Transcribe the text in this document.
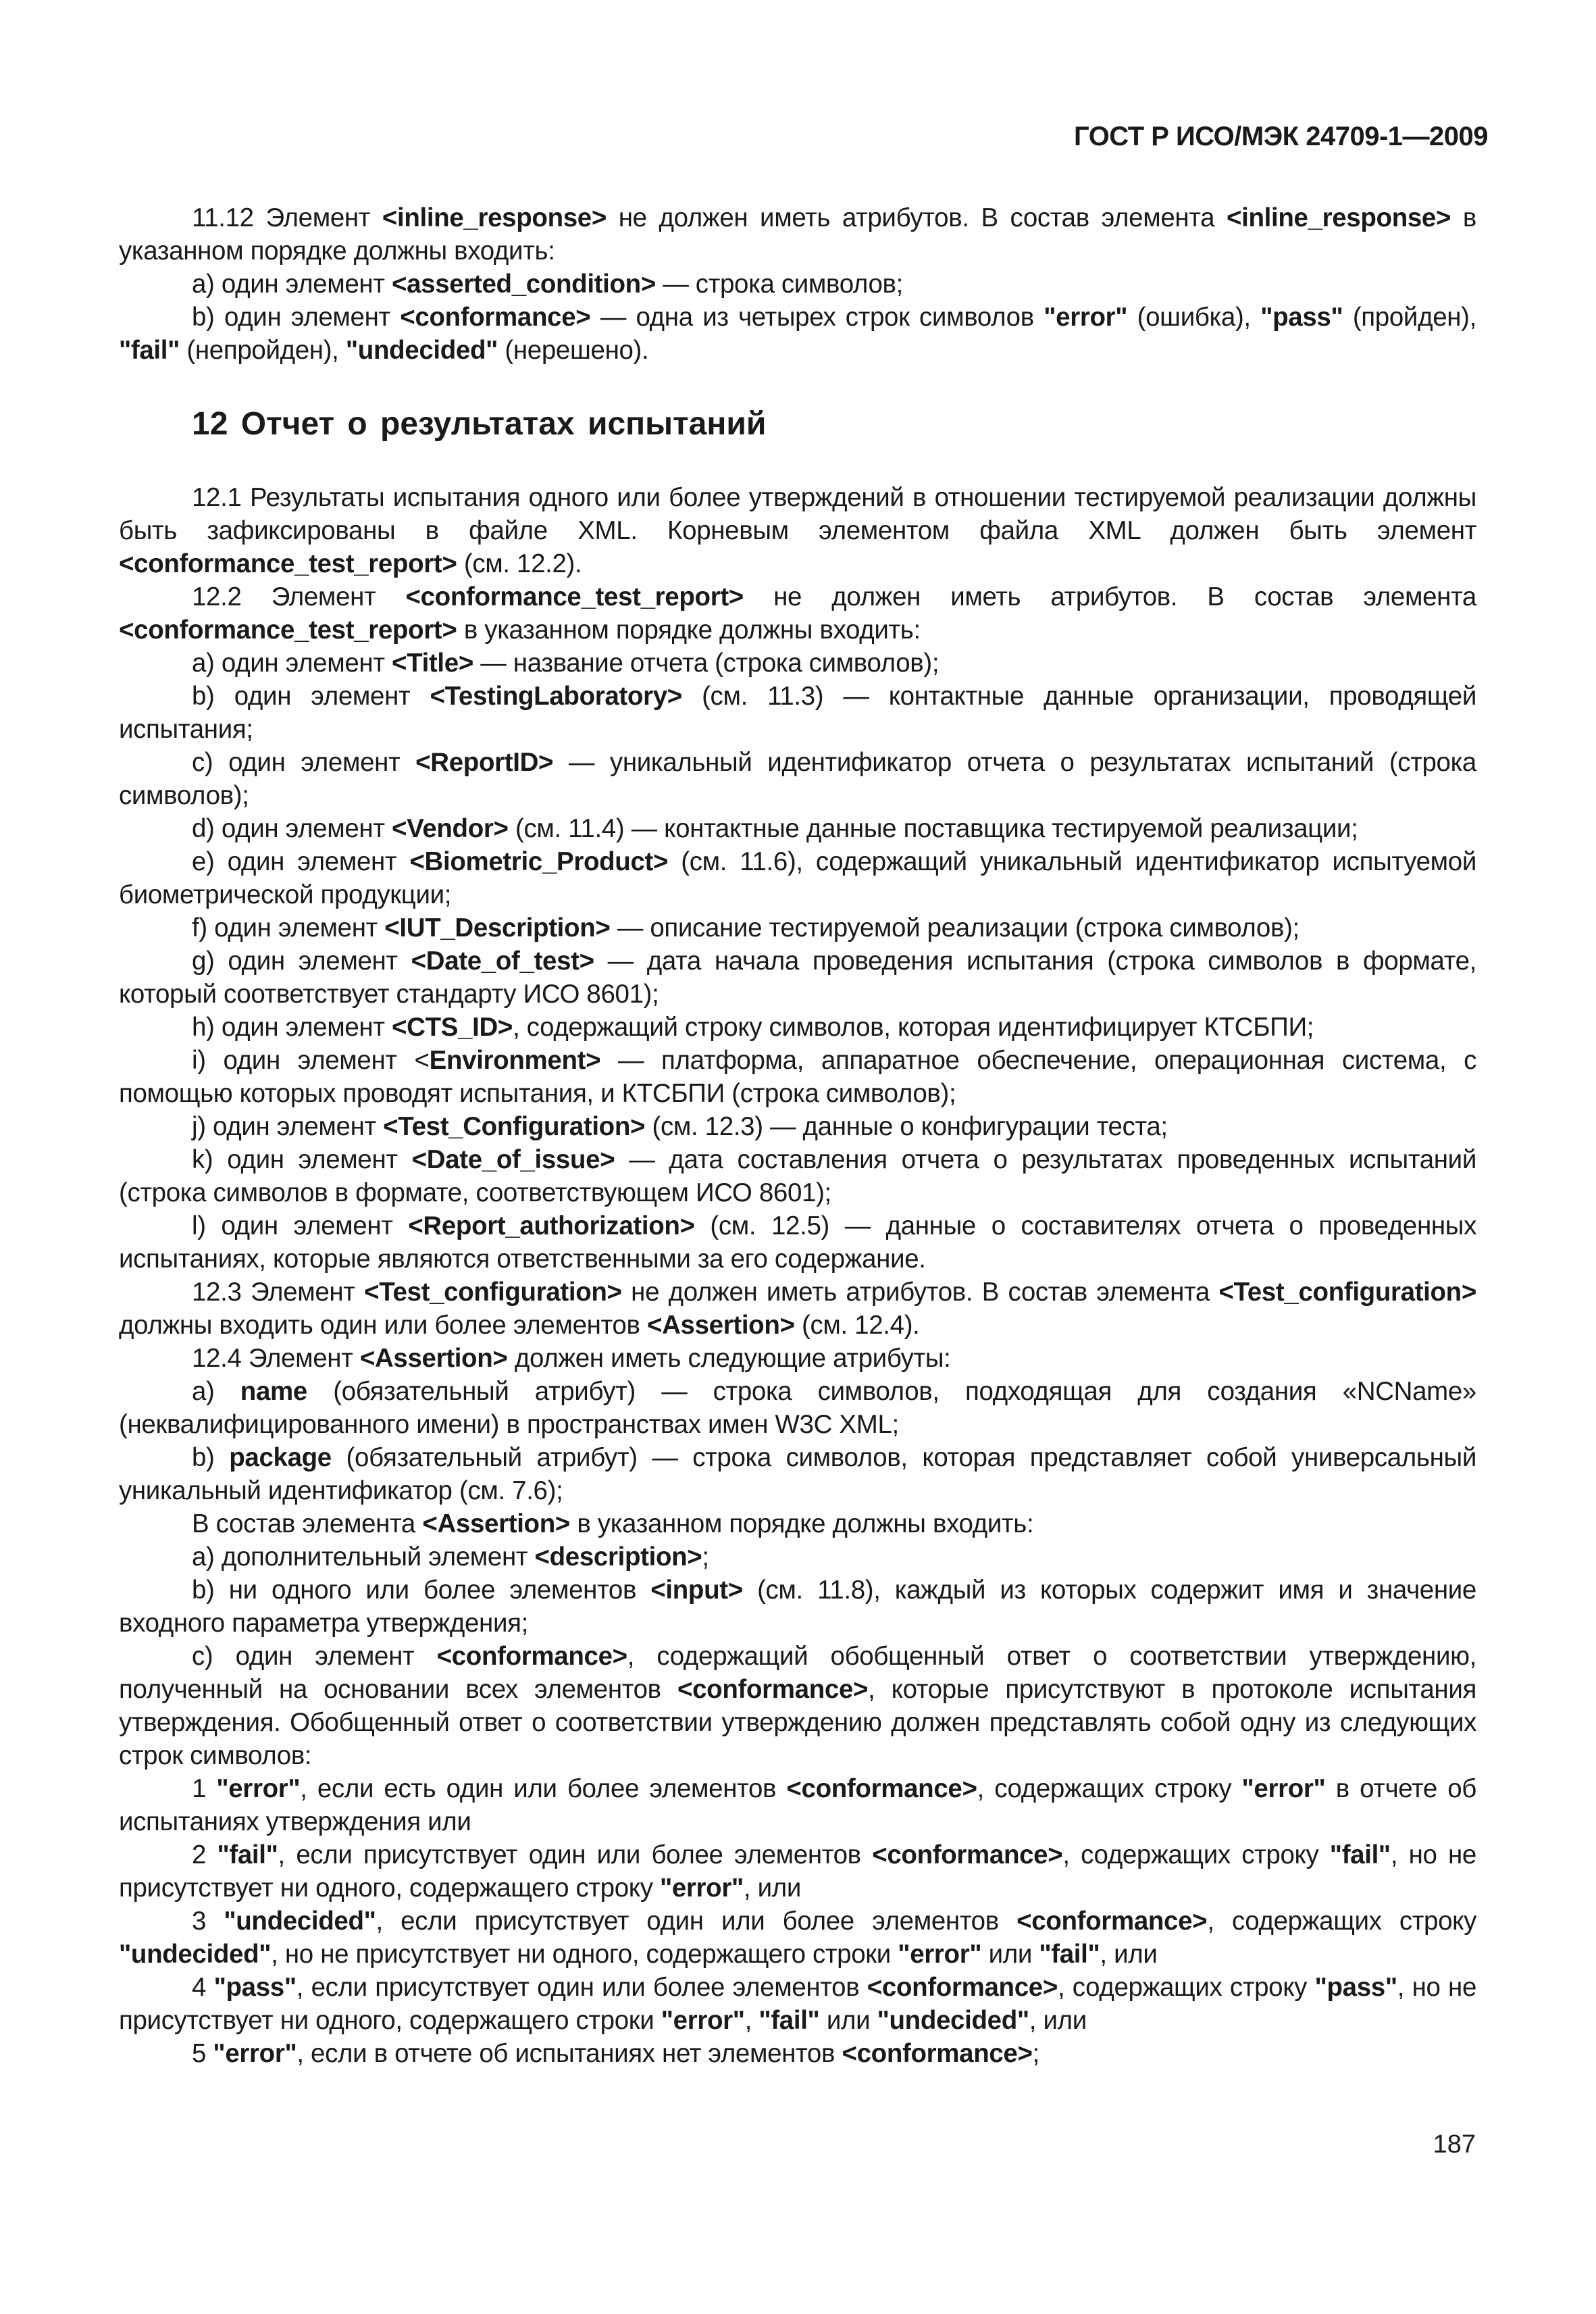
ГОСТ Р ИСО/МЭК 24709-1—2009

11.12 Элемент <inline_response> не должен иметь атрибутов. В состав элемента <inline_response> в указанном порядке должны входить:

a) один элемент <asserted_condition> — строка символов;

b) один элемент <conformance> — одна из четырех строк символов "error" (ошибка), "pass" (пройден), "fail" (непройден), "undecided" (нерешено).

12 Отчет о результатах испытаний

12.1 Результаты испытания одного или более утверждений в отношении тестируемой реализации должны быть зафиксированы в файле XML. Корневым элементом файла XML должен быть элемент <conformance_test_report> (см. 12.2).

12.2 Элемент <conformance_test_report> не должен иметь атрибутов. В состав элемента <conformance_test_report> в указанном порядке должны входить:

a) один элемент <Title> — название отчета (строка символов);

b) один элемент <TestingLaboratory> (см. 11.3) — контактные данные организации, проводящей испытания;

c) один элемент <ReportID> — уникальный идентификатор отчета о результатах испытаний (строка символов);

d) один элемент <Vendor> (см. 11.4) — контактные данные поставщика тестируемой реализации;

e) один элемент <Biometric_Product> (см. 11.6), содержащий уникальный идентификатор испытуемой биометрической продукции;

f) один элемент <IUT_Description> — описание тестируемой реализации (строка символов);

g) один элемент <Date_of_test> — дата начала проведения испытания (строка символов в формате, который соответствует стандарту ИСО 8601);

h) один элемент <CTS_ID>, содержащий строку символов, которая идентифицирует КТСБПИ;

i) один элемент <Environment> — платформа, аппаратное обеспечение, операционная система, с помощью которых проводят испытания, и КТСБПИ (строка символов);

j) один элемент <Test_Configuration> (см. 12.3) — данные о конфигурации теста;

k) один элемент <Date_of_issue> — дата составления отчета о результатах проведенных испытаний (строка символов в формате, соответствующем ИСО 8601);

l) один элемент <Report_authorization> (см. 12.5) — данные о составителях отчета о проведенных испытаниях, которые являются ответственными за его содержание.

12.3 Элемент <Test_configuration> не должен иметь атрибутов. В состав элемента <Test_configuration> должны входить один или более элементов <Assertion> (см. 12.4).

12.4 Элемент <Assertion> должен иметь следующие атрибуты:

a) name (обязательный атрибут) — строка символов, подходящая для создания «NCName» (неквалифицированного имени) в пространствах имен W3C XML;

b) package (обязательный атрибут) — строка символов, которая представляет собой универсальный уникальный идентификатор (см. 7.6);

В состав элемента <Assertion> в указанном порядке должны входить:

a) дополнительный элемент <description>;

b) ни одного или более элементов <input> (см. 11.8), каждый из которых содержит имя и значение входного параметра утверждения;

c) один элемент <conformance>, содержащий обобщенный ответ о соответствии утверждению, полученный на основании всех элементов <conformance>, которые присутствуют в протоколе испытания утверждения. Обобщенный ответ о соответствии утверждению должен представлять собой одну из следующих строк символов:

1 "error", если есть один или более элементов <conformance>, содержащих строку "error" в отчете об испытаниях утверждения или

2 "fail", если присутствует один или более элементов <conformance>, содержащих строку "fail", но не присутствует ни одного, содержащего строку "error", или

3 "undecided", если присутствует один или более элементов <conformance>, содержащих строку "undecided", но не присутствует ни одного, содержащего строки "error" или "fail", или

4 "pass", если присутствует один или более элементов <conformance>, содержащих строку "pass", но не присутствует ни одного, содержащего строки "error", "fail" или "undecided", или

5 "error", если в отчете об испытаниях нет элементов <conformance>;

187
